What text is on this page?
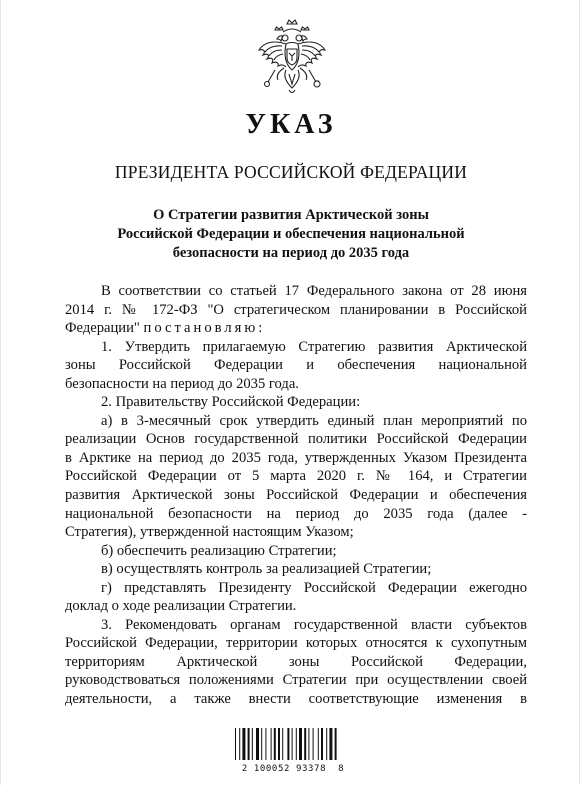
УКАЗ
ПРЕЗИДЕНТА РОССИЙСКОЙ ФЕДЕРАЦИИ
О Стратегии развития Арктической зоны
Российской Федерации и обеспечения национальной
безопасности на период до 2035 года
В соответствии со статьей 17 Федерального закона от 28 июня
2014 г. № 172-ФЗ "О стратегическом планировании в Российской
Федерации" постановляю:
1. Утвердить прилагаемую Стратегию развития Арктической
зоны Российской Федерации и обеспечения национальной
безопасности на период до 2035 года.
2. Правительству Российской Федерации:
а) в 3-месячный срок утвердить единый план мероприятий по
реализации Основ государственной политики Российской Федерации
в Арктике на период до 2035 года, утвержденных Указом Президента
Российской Федерации от 5 марта 2020 г. № 164, и Стратегии
развития Арктической зоны Российской Федерации и обеспечения
национальной безопасности на период до 2035 года (далее -
Стратегия), утвержденной настоящим Указом;
б) обеспечить реализацию Стратегии;
в) осуществлять контроль за реализацией Стратегии;
г) представлять Президенту Российской Федерации ежегодно
доклад о ходе реализации Стратегии.
3. Рекомендовать органам государственной власти субъектов
Российской Федерации, территории которых относятся к сухопутным
территориям Арктической зоны Российской Федерации,
руководствоваться положениями Стратегии при осуществлении своей
деятельности, а также внести соответствующие изменения в
2 100052 93378  8
